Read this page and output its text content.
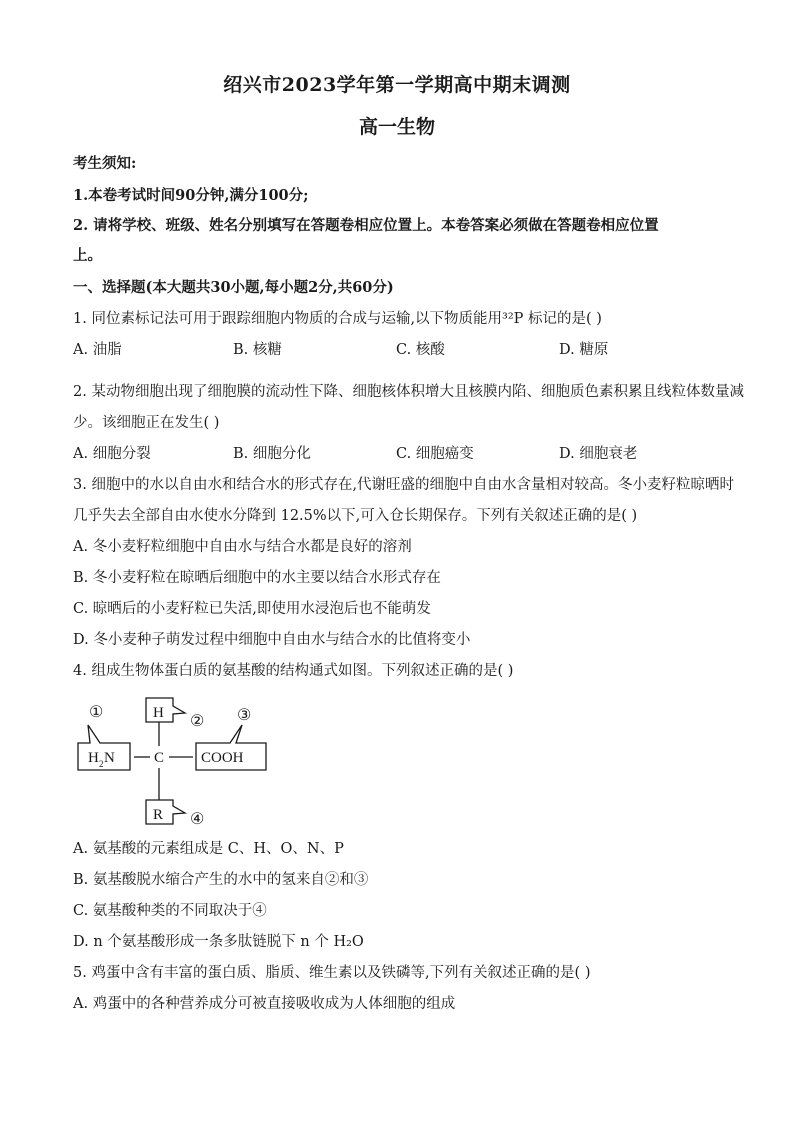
绍兴市2023学年第一学期高中期末调测
高一生物
考生须知:
1.本卷考试时间90分钟,满分100分;
2. 请将学校、班级、姓名分别填写在答题卷相应位置上。本卷答案必须做在答题卷相应位置
上。
一、选择题(本大题共30小题,每小题2分,共60分)
1. 同位素标记法可用于跟踪细胞内物质的合成与运输,以下物质能用³²P 标记的是( )
A. 油脂	B. 核糖	C. 核酸	D. 糖原
2. 某动物细胞出现了细胞膜的流动性下降、细胞核体积增大且核膜内陷、细胞质色素积累且线粒体数量减
少。该细胞正在发生( )
A. 细胞分裂	B. 细胞分化	C. 细胞癌变	D. 细胞衰老
3. 细胞中的水以自由水和结合水的形式存在,代谢旺盛的细胞中自由水含量相对较高。冬小麦籽粒晾晒时
几乎失去全部自由水使水分降到 12.5%以下,可入仓长期保存。下列有关叙述正确的是( )
A. 冬小麦籽粒细胞中自由水与结合水都是良好的溶剂
B. 冬小麦籽粒在晾晒后细胞中的水主要以结合水形式存在
C. 晾晒后的小麦籽粒已失活,即使用水浸泡后也不能萌发
D. 冬小麦种子萌发过程中细胞中自由水与结合水的比值将变小
4. 组成生物体蛋白质的氨基酸的结构通式如图。下列叙述正确的是( )
①
② ③
④
H
H 2 N	C COOH
R
A. 氨基酸的元素组成是 C、H、O、N、P
B. 氨基酸脱水缩合产生的水中的氢来自②和③
C. 氨基酸种类的不同取决于④
D. n 个氨基酸形成一条多肽链脱下 n 个 H₂O
5. 鸡蛋中含有丰富的蛋白质、脂质、维生素以及铁磷等,下列有关叙述正确的是( )
A. 鸡蛋中的各种营养成分可被直接吸收成为人体细胞的组成
